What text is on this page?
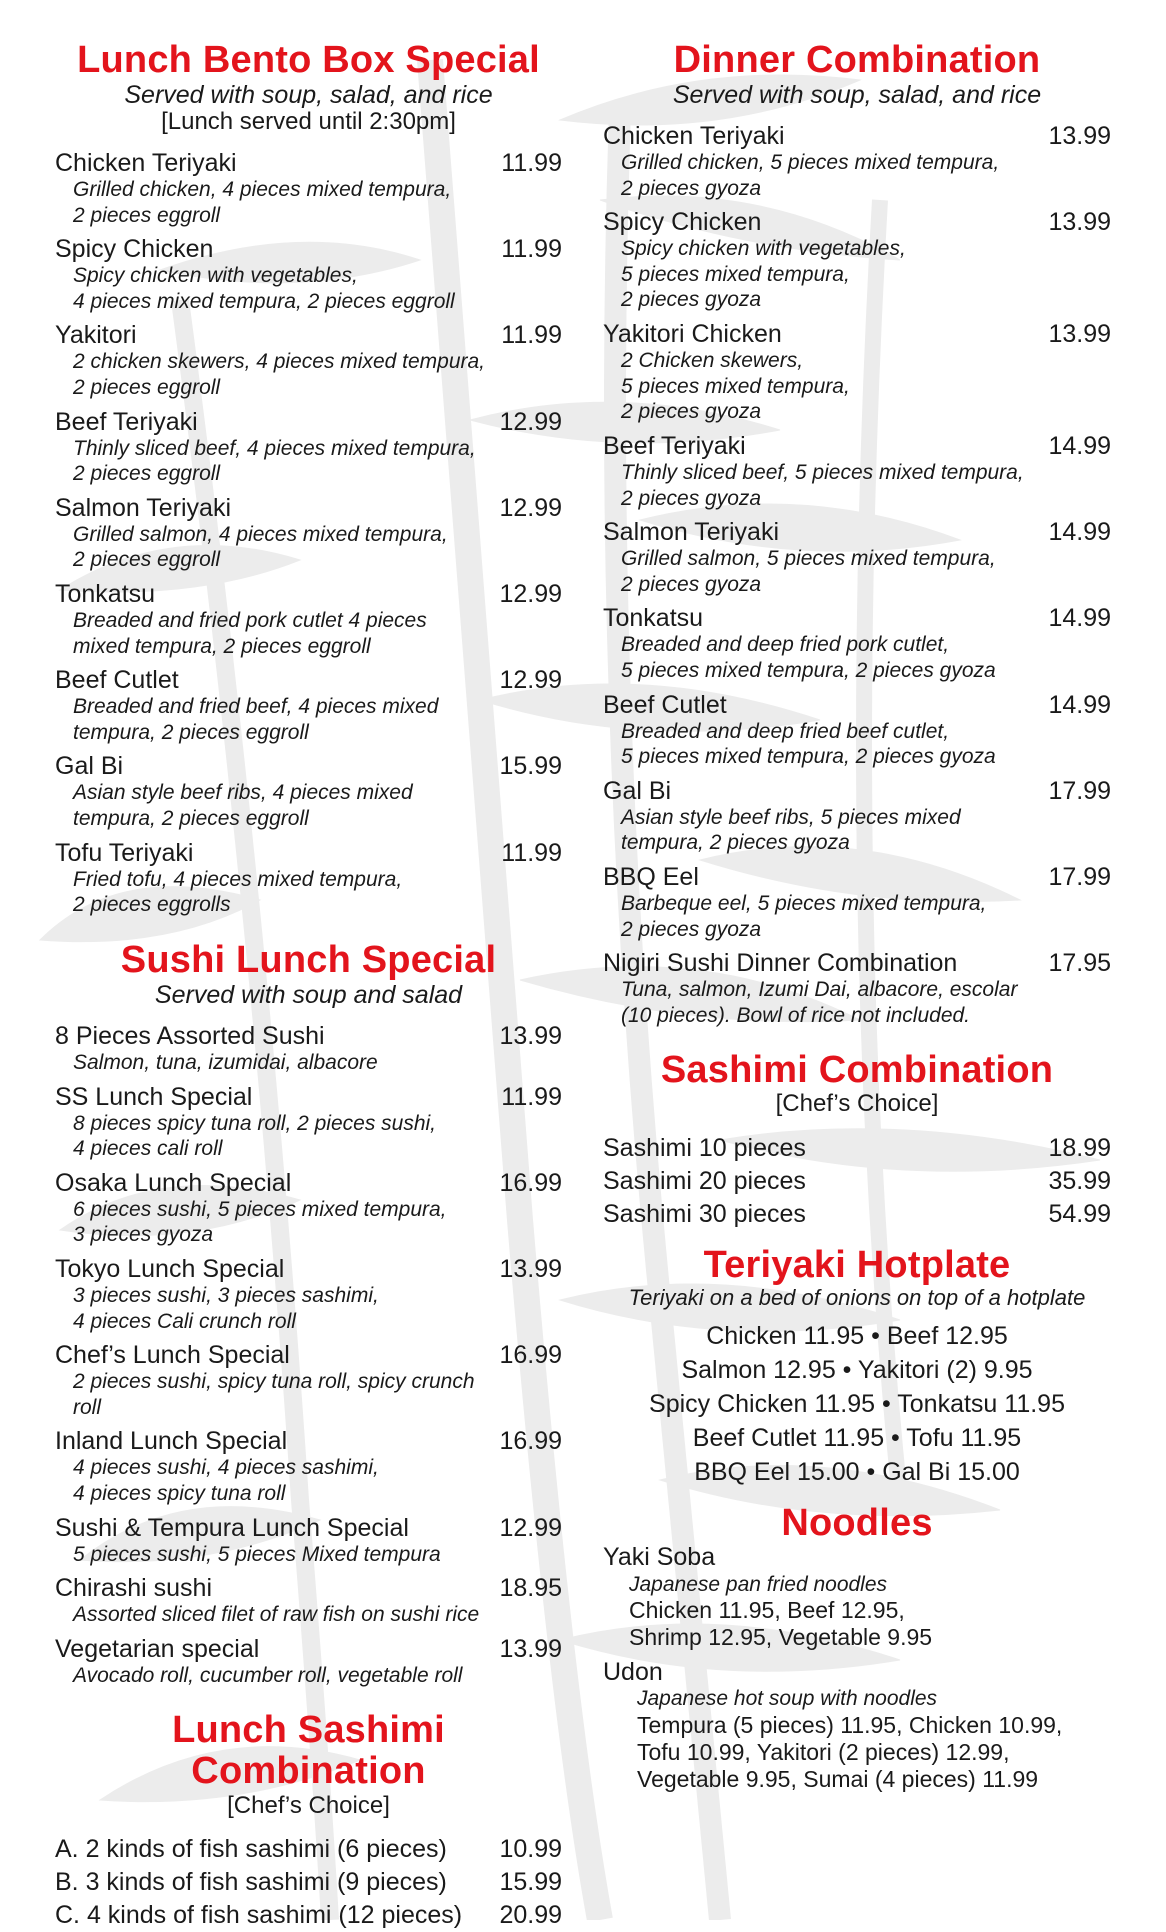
Lunch Bento Box Special
Served with soup, salad, and rice
[Lunch served until 2:30pm]
Chicken Teriyaki	11.99
Grilled chicken, 4 pieces mixed tempura,
2 pieces eggroll
Spicy Chicken	11.99
Spicy chicken with vegetables,
4 pieces mixed tempura, 2 pieces eggroll
Yakitori	11.99
2 chicken skewers, 4 pieces mixed tempura,
2 pieces eggroll
Beef Teriyaki	12.99
Thinly sliced beef, 4 pieces mixed tempura,
2 pieces eggroll
Salmon Teriyaki	12.99
Grilled salmon, 4 pieces mixed tempura,
2 pieces eggroll
Tonkatsu	12.99
Breaded and fried pork cutlet 4 pieces
mixed tempura, 2 pieces eggroll
Beef Cutlet	12.99
Breaded and fried beef, 4 pieces mixed
tempura, 2 pieces eggroll
Gal Bi	15.99
Asian style beef ribs, 4 pieces mixed
tempura, 2 pieces eggroll
Tofu Teriyaki	11.99
Fried tofu, 4 pieces mixed tempura,
2 pieces eggrolls
Sushi Lunch Special
Served with soup and salad
8 Pieces Assorted Sushi	13.99
Salmon, tuna, izumidai, albacore
SS Lunch Special	11.99
8 pieces spicy tuna roll, 2 pieces sushi,
4 pieces cali roll
Osaka Lunch Special	16.99
6 pieces sushi, 5 pieces mixed tempura,
3 pieces gyoza
Tokyo Lunch Special	13.99
3 pieces sushi, 3 pieces sashimi,
4 pieces Cali crunch roll
Chef’s Lunch Special	16.99
2 pieces sushi, spicy tuna roll, spicy crunch roll
Inland Lunch Special	16.99
4 pieces sushi, 4 pieces sashimi,
4 pieces spicy tuna roll
Sushi & Tempura Lunch Special	12.99
5 pieces sushi, 5 pieces Mixed tempura
Chirashi sushi	18.95
Assorted sliced filet of raw fish on sushi rice
Vegetarian special	13.99
Avocado roll, cucumber roll, vegetable roll
Lunch Sashimi Combination
[Chef’s Choice]
A. 2 kinds of fish sashimi (6 pieces) 10.99
B. 3 kinds of fish sashimi (9 pieces) 15.99
C. 4 kinds of fish sashimi (12 pieces) 20.99
Dinner Combination
Served with soup, salad, and rice
Chicken Teriyaki	13.99
Grilled chicken, 5 pieces mixed tempura,
2 pieces gyoza
Spicy Chicken	13.99
Spicy chicken with vegetables,
5 pieces mixed tempura,
2 pieces gyoza
Yakitori Chicken	13.99
2 Chicken skewers,
5 pieces mixed tempura,
2 pieces gyoza
Beef Teriyaki	14.99
Thinly sliced beef, 5 pieces mixed tempura,
2 pieces gyoza
Salmon Teriyaki	14.99
Grilled salmon, 5 pieces mixed tempura,
2 pieces gyoza
Tonkatsu	14.99
Breaded and deep fried pork cutlet,
5 pieces mixed tempura, 2 pieces gyoza
Beef Cutlet	14.99
Breaded and deep fried beef cutlet,
5 pieces mixed tempura, 2 pieces gyoza
Gal Bi	17.99
Asian style beef ribs, 5 pieces mixed
tempura, 2 pieces gyoza
BBQ Eel	17.99
Barbeque eel, 5 pieces mixed tempura,
2 pieces gyoza
Nigiri Sushi Dinner Combination	17.95
Tuna, salmon, Izumi Dai, albacore, escolar
(10 pieces). Bowl of rice not included.
Sashimi Combination
[Chef’s Choice]
Sashimi 10 pieces	18.99
Sashimi 20 pieces	35.99
Sashimi 30 pieces	54.99
Teriyaki Hotplate
Teriyaki on a bed of onions on top of a hotplate
Chicken 11.95 • Beef 12.95
Salmon 12.95 • Yakitori (2) 9.95
Spicy Chicken 11.95 • Tonkatsu 11.95
Beef Cutlet 11.95 • Tofu 11.95
BBQ Eel 15.00 • Gal Bi 15.00
Noodles
Yaki Soba
Japanese pan fried noodles
Chicken 11.95, Beef 12.95,
Shrimp 12.95, Vegetable 9.95
Udon
Japanese hot soup with noodles
Tempura (5 pieces) 11.95, Chicken 10.99,
Tofu 10.99, Yakitori (2 pieces) 12.99,
Vegetable 9.95, Sumai (4 pieces) 11.99
